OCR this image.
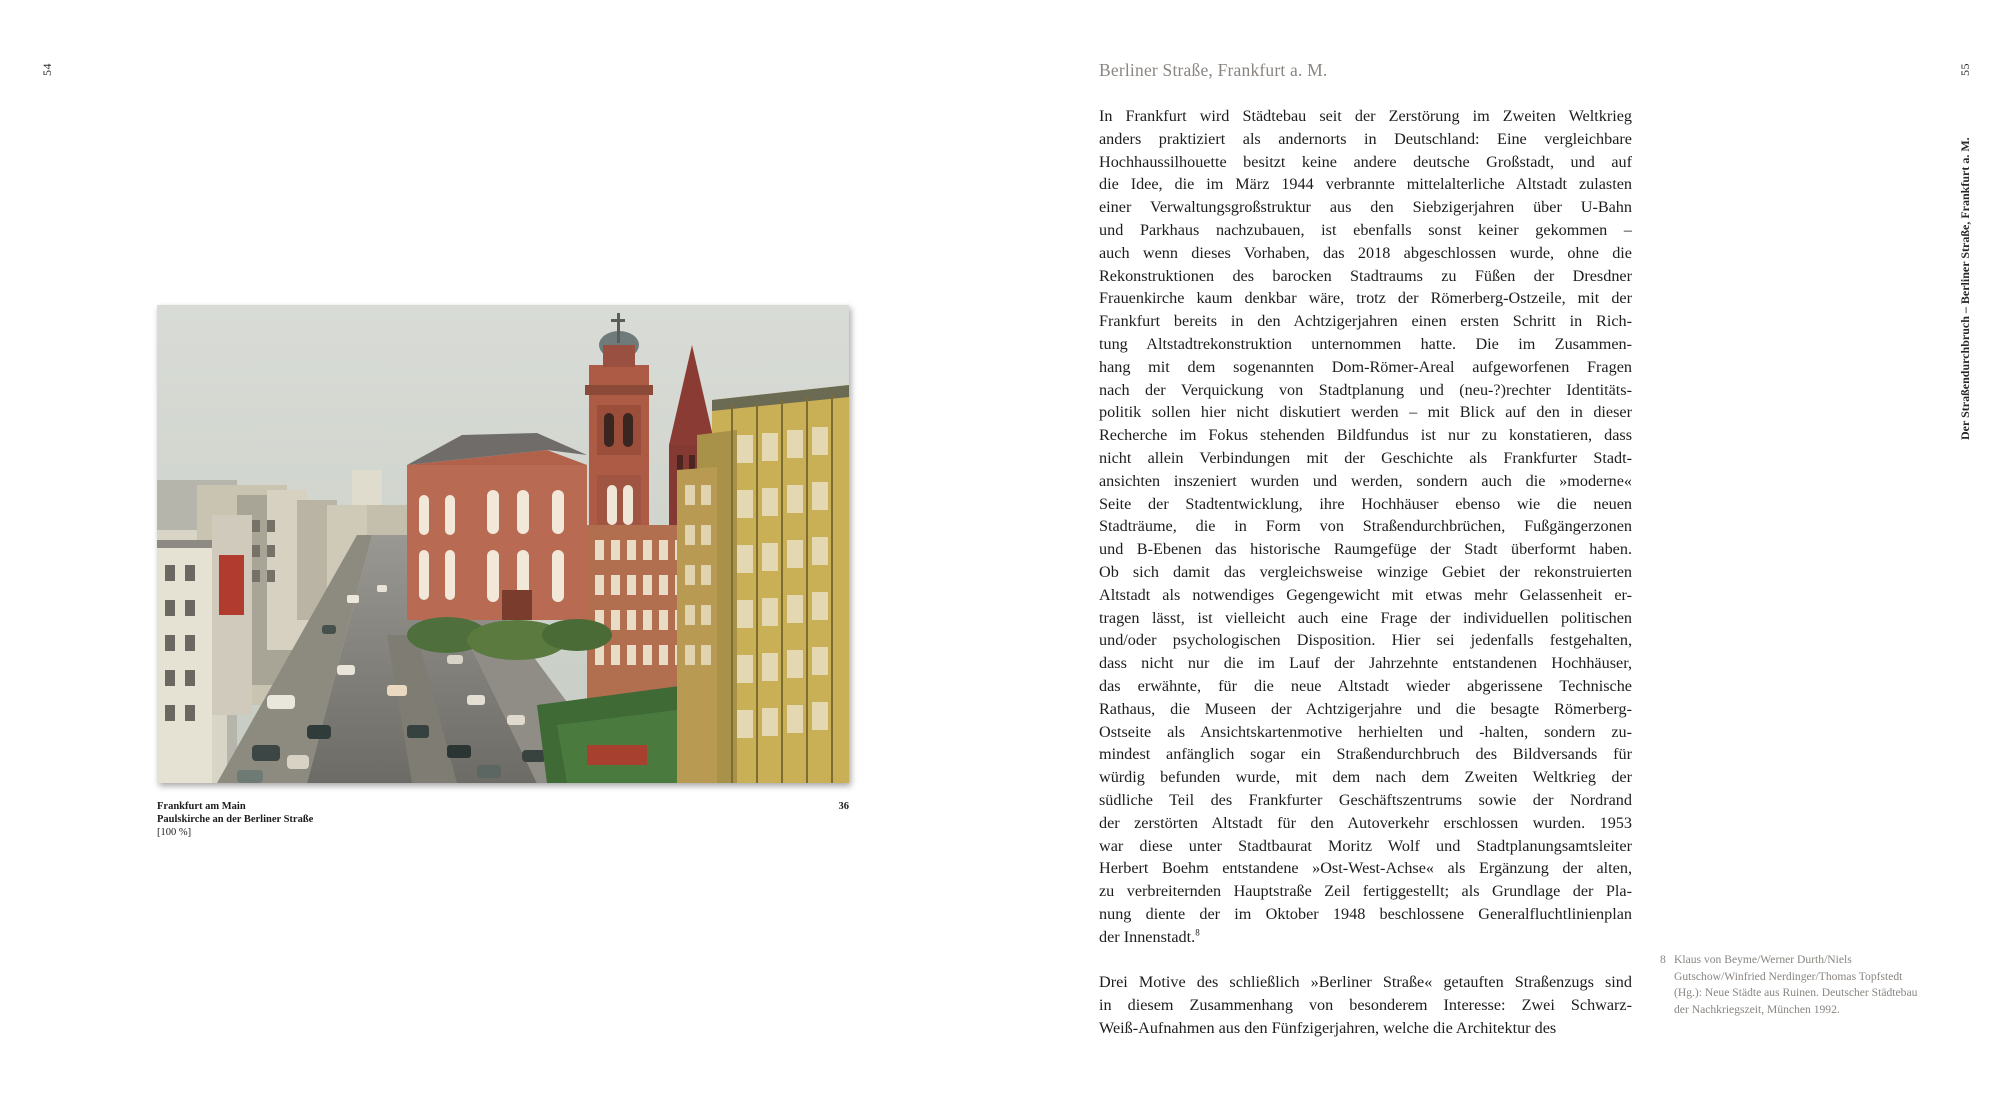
54
Frankfurt am Main
Paulskirche an der Berliner Straße
[100 %]
36
55
Der Straßendurchbruch – Berliner Straße, Frankfurt a. M.
Berliner Straße, Frankfurt a. M.
In Frankfurt wird Städtebau seit der Zerstörung im Zweiten Weltkrieg
anders praktiziert als andernorts in Deutschland: Eine vergleichbare
Hochhaussilhouette besitzt keine andere deutsche Großstadt, und auf
die Idee, die im März 1944 verbrannte mittelalterliche Altstadt zulasten
einer Verwaltungsgroßstruktur aus den Siebzigerjahren über U-Bahn
und Parkhaus nachzubauen, ist ebenfalls sonst keiner gekommen –
auch wenn dieses Vorhaben, das 2018 abgeschlossen wurde, ohne die
Rekonstruktionen des barocken Stadtraums zu Füßen der Dresdner
Frauenkirche kaum denkbar wäre, trotz der Römerberg-Ostzeile, mit der
Frankfurt bereits in den Achtzigerjahren einen ersten Schritt in Rich-
tung Altstadtrekonstruktion unternommen hatte. Die im Zusammen-
hang mit dem sogenannten Dom-Römer-Areal aufgeworfenen Fragen
nach der Verquickung von Stadtplanung und (neu-?)rechter Identitäts-
politik sollen hier nicht diskutiert werden – mit Blick auf den in dieser
Recherche im Fokus stehenden Bildfundus ist nur zu konstatieren, dass
nicht allein Verbindungen mit der Geschichte als Frankfurter Stadt-
ansichten inszeniert wurden und werden, sondern auch die »moderne«
Seite der Stadtentwicklung, ihre Hochhäuser ebenso wie die neuen
Stadträume, die in Form von Straßendurchbrüchen, Fußgängerzonen
und B-Ebenen das historische Raumgefüge der Stadt überformt haben.
Ob sich damit das vergleichsweise winzige Gebiet der rekonstruierten
Altstadt als notwendiges Gegengewicht mit etwas mehr Gelassenheit er-
tragen lässt, ist vielleicht auch eine Frage der individuellen politischen
und/oder psychologischen Disposition. Hier sei jedenfalls festgehalten,
dass nicht nur die im Lauf der Jahrzehnte entstandenen Hochhäuser,
das erwähnte, für die neue Altstadt wieder abgerissene Technische
Rathaus, die Museen der Achtzigerjahre und die besagte Römerberg-
Ostseite als Ansichtskartenmotive herhielten und -halten, sondern zu-
mindest anfänglich sogar ein Straßendurchbruch des Bildversands für
würdig befunden wurde, mit dem nach dem Zweiten Weltkrieg der
südliche Teil des Frankfurter Geschäftszentrums sowie der Nordrand
der zerstörten Altstadt für den Autoverkehr erschlossen wurden. 1953
war diese unter Stadtbaurat Moritz Wolf und Stadtplanungsamtsleiter
Herbert Boehm entstandene »Ost-West-Achse« als Ergänzung der alten,
zu verbreiternden Hauptstraße Zeil fertiggestellt; als Grundlage der Pla-
nung diente der im Oktober 1948 beschlossene Generalfluchtlinienplan
der Innenstadt.$^8$
Drei Motive des schließlich »Berliner Straße« getauften Straßenzugs sind
in diesem Zusammenhang von besonderem Interesse: Zwei Schwarz-
Weiß-Aufnahmen aus den Fünfzigerjahren, welche die Architektur des
8 Klaus von Beyme/Werner Durth/Niels Gutschow/Winfried Nerdinger/Thomas Topfstedt (Hg.): Neue Städte aus Ruinen. Deutscher Städtebau der Nachkriegszeit, München 1992.
